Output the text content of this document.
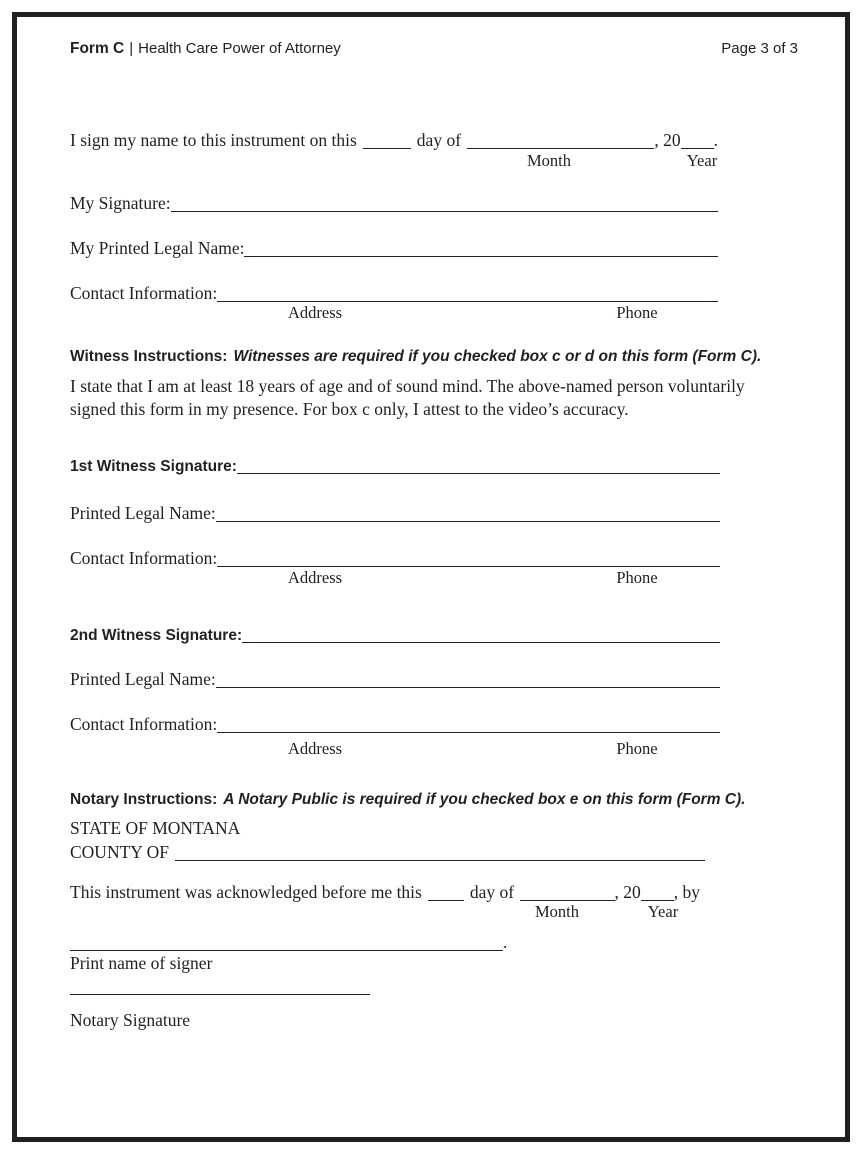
Form C | Health Care Power of Attorney	Page 3 of 3
I sign my name to this instrument on this	day of	, 20 .
Month	Year
My Signature:
My Printed Legal Name:
Contact Information:
Address	Phone
Witness Instructions: Witnesses are required if you checked box c or d on this form (Form C).
I state that I am at least 18 years of age and of sound mind. The above-named person voluntarily signed this form in my presence. For box c only, I attest to the video’s accuracy.
1st Witness Signature:
Printed Legal Name:
Contact Information:
Address	Phone
2nd Witness Signature:
Printed Legal Name:
Contact Information:
Address	Phone
Notary Instructions: A Notary Public is required if you checked box e on this form (Form C).
STATE OF MONTANA
COUNTY OF
This instrument was acknowledged before me this	day of	, 20 , by
Month	Year
.
Print name of signer
Notary Signature
